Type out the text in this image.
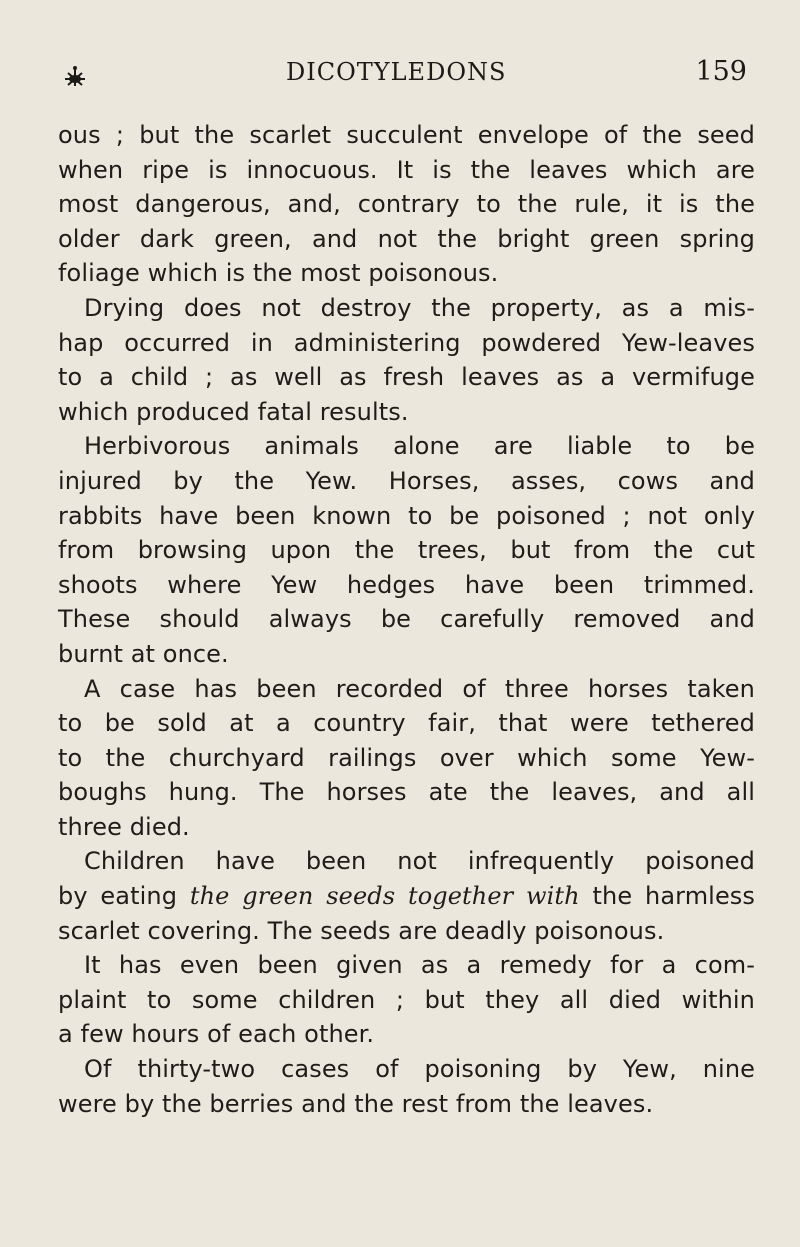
DICOTYLEDONS	159

ous ; but the scarlet succulent envelope of the seed
when ripe is innocuous. It is the leaves which are
most dangerous, and, contrary to the rule, it is the
older dark green, and not the bright green spring

foliage which is the most poisonous.

Drying does not destroy the property, as a mis-
hap occurred in administering powdered Yew-leaves
to a child ; as well as fresh leaves as a vermifuge

which produced fatal results.

Herbivorous animals alone are liable to be
injured by the Yew. Horses, asses, cows and
rabbits have been known to be poisoned ; not only
from browsing upon the trees, but from the cut
shoots where Yew hedges have been trimmed.
These should always be carefully removed and

burnt at once.

A case has been recorded of three horses taken
to be sold at a country fair, that were tethered
to the churchyard railings over which some Yew-
boughs hung. The horses ate the leaves, and all

three died.

Children have been not infrequently poisoned
by eating the green seeds together with the harmless

scarlet covering. The seeds are deadly poisonous.

It has even been given as a remedy for a com-
plaint to some children ; but they all died within

a few hours of each other.

Of thirty-two cases of poisoning by Yew, nine

were by the berries and the rest from the leaves.
